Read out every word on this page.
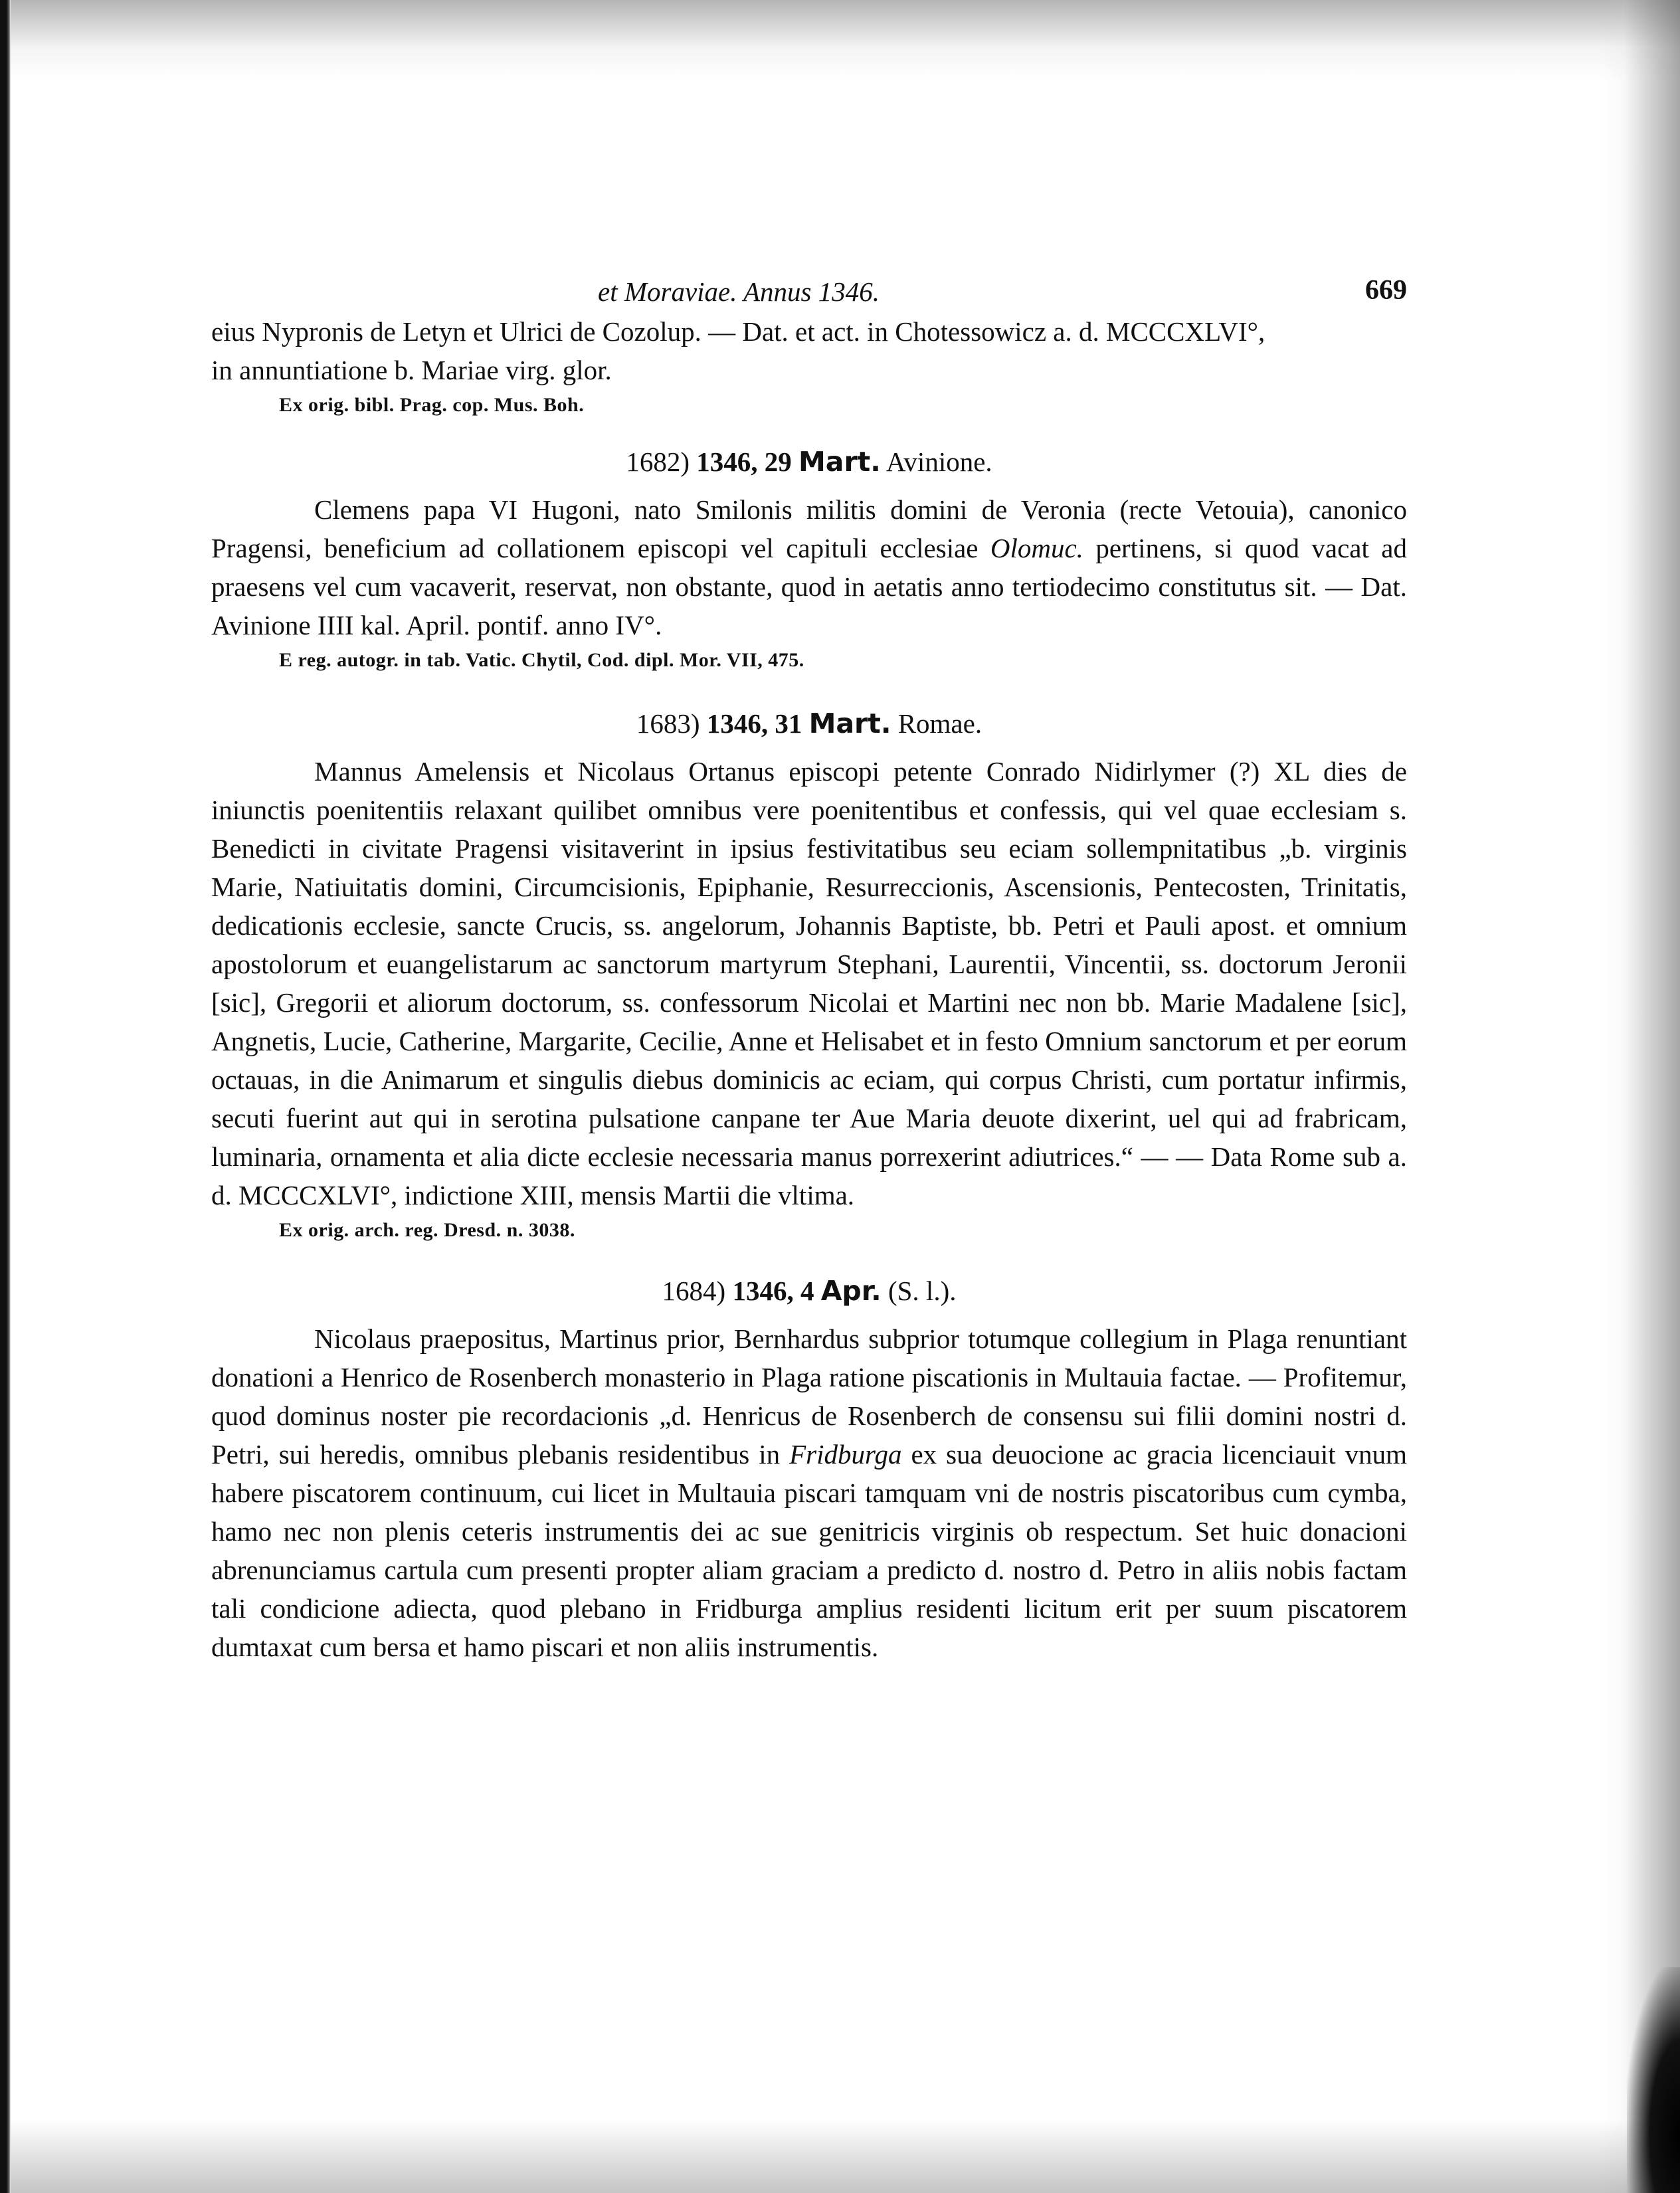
et Moraviae. Annus 1346.	669

eius Nypronis de Letyn et Ulrici de Cozolup. — Dat. et act. in Chotessowicz a. d. MCCCXLVI°,

in annuntiatione b. Mariae virg. glor.

Ex orig. bibl. Prag. cop. Mus. Boh.

1682) 1346, 29 Mart. Avinione.

Clemens papa VI Hugoni, nato Smilonis militis domini de Veronia (recte Vetouia), canonico Pragensi, beneficium ad collationem episcopi vel capituli ecclesiae Olomuc. pertinens, si quod vacat ad praesens vel cum vacaverit, reservat, non obstante, quod in aetatis anno tertiodecimo constitutus sit. — Dat. Avinione IIII kal. April. pontif. anno IV°.

E reg. autogr. in tab. Vatic. Chytil, Cod. dipl. Mor. VII, 475.

1683) 1346, 31 Mart. Romae.

Mannus Amelensis et Nicolaus Ortanus episcopi petente Conrado Nidirlymer (?) XL dies de iniunctis poenitentiis relaxant quilibet omnibus vere poenitentibus et confessis, qui vel quae ecclesiam s. Benedicti in civitate Pragensi visitaverint in ipsius festivitatibus seu eciam sollempnitatibus „b. virginis Marie, Natiuitatis domini, Circumcisionis, Epiphanie, Resurreccionis, Ascensionis, Pentecosten, Trinitatis, dedicationis ecclesie, sancte Crucis, ss. angelorum, Johannis Baptiste, bb. Petri et Pauli apost. et omnium apostolorum et euangelistarum ac sanctorum martyrum Stephani, Laurentii, Vincentii, ss. doctorum Jeronii [sic], Gregorii et aliorum doctorum, ss. confessorum Nicolai et Martini nec non bb. Marie Madalene [sic], Angnetis, Lucie, Catherine, Margarite, Cecilie, Anne et Helisabet et in festo Omnium sanctorum et per eorum octauas, in die Animarum et singulis diebus dominicis ac eciam, qui corpus Christi, cum portatur infirmis, secuti fuerint aut qui in serotina pulsatione canpane ter Aue Maria deuote dixerint, uel qui ad frabricam, luminaria, ornamenta et alia dicte ecclesie necessaria manus porrexerint adiutrices.“ — — Data Rome sub a. d. MCCCXLVI°, indictione XIII, mensis Martii die vltima.

Ex orig. arch. reg. Dresd. n. 3038.

1684) 1346, 4 Apr. (S. l.).

Nicolaus praepositus, Martinus prior, Bernhardus subprior totumque collegium in Plaga renuntiant donationi a Henrico de Rosenberch monasterio in Plaga ratione piscationis in Multauia factae. — Profitemur, quod dominus noster pie recordacionis „d. Henricus de Rosenberch de consensu sui filii domini nostri d. Petri, sui heredis, omnibus plebanis residentibus in Fridburga ex sua deuocione ac gracia licenciauit vnum habere piscatorem continuum, cui licet in Multauia piscari tamquam vni de nostris piscatoribus cum cymba, hamo nec non plenis ceteris instrumentis dei ac sue genitricis virginis ob respectum. Set huic donacioni abrenunciamus cartula cum presenti propter aliam graciam a predicto d. nostro d. Petro in aliis nobis factam tali condicione adiecta, quod plebano in Fridburga amplius residenti licitum erit per suum piscatorem dumtaxat cum bersa et hamo piscari et non aliis instrumentis.
